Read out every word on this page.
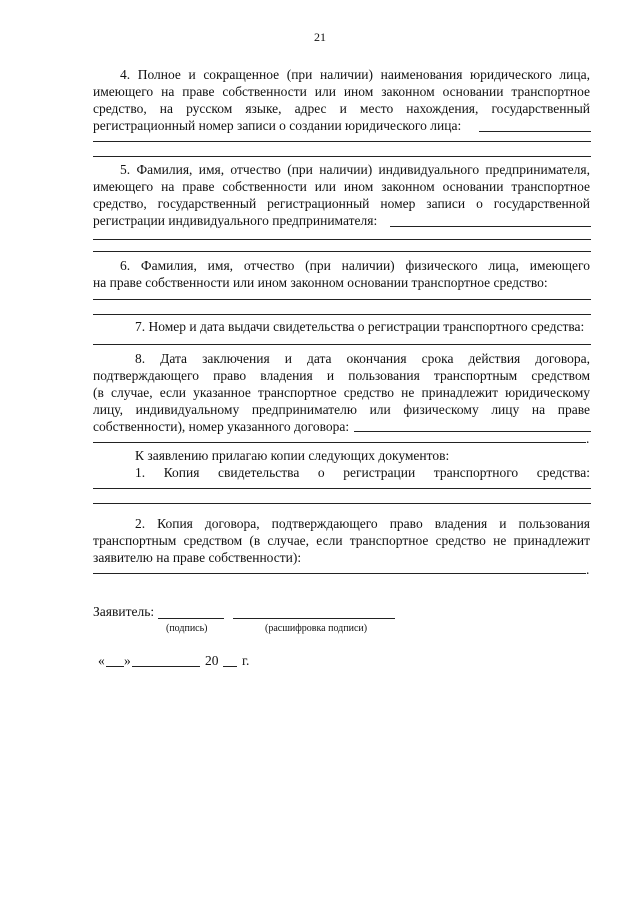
21
4. Полное и сокращенное (при наличии) наименования юридического лица,
имеющего на праве собственности или ином законном основании транспортное
средство, на русском языке, адрес и место нахождения, государственный
регистрационный номер записи о создании юридического лица:
5. Фамилия, имя, отчество (при наличии) индивидуального предпринимателя,
имеющего на праве собственности или ином законном основании транспортное
средство, государственный регистрационный номер записи о государственной
регистрации индивидуального предпринимателя:
6. Фамилия, имя, отчество (при наличии) физического лица, имеющего
на праве собственности или ином законном основании транспортное средство:
7. Номер и дата выдачи свидетельства о регистрации транспортного средства:
8. Дата заключения и дата окончания срока действия договора,
подтверждающего право владения и пользования транспортным средством
(в случае, если указанное транспортное средство не принадлежит юридическому
лицу, индивидуальному предпринимателю или физическому лицу на праве
собственности), номер указанного договора:
.
К заявлению прилагаю копии следующих документов:
1. Копия свидетельства о регистрации транспортного средства:
2. Копия договора, подтверждающего право владения и пользования
транспортным средством (в случае, если транспортное средство не принадлежит
заявителю на праве собственности):
.
Заявитель:
(подпись)	(расшифровка подписи)
« »	20 г.
